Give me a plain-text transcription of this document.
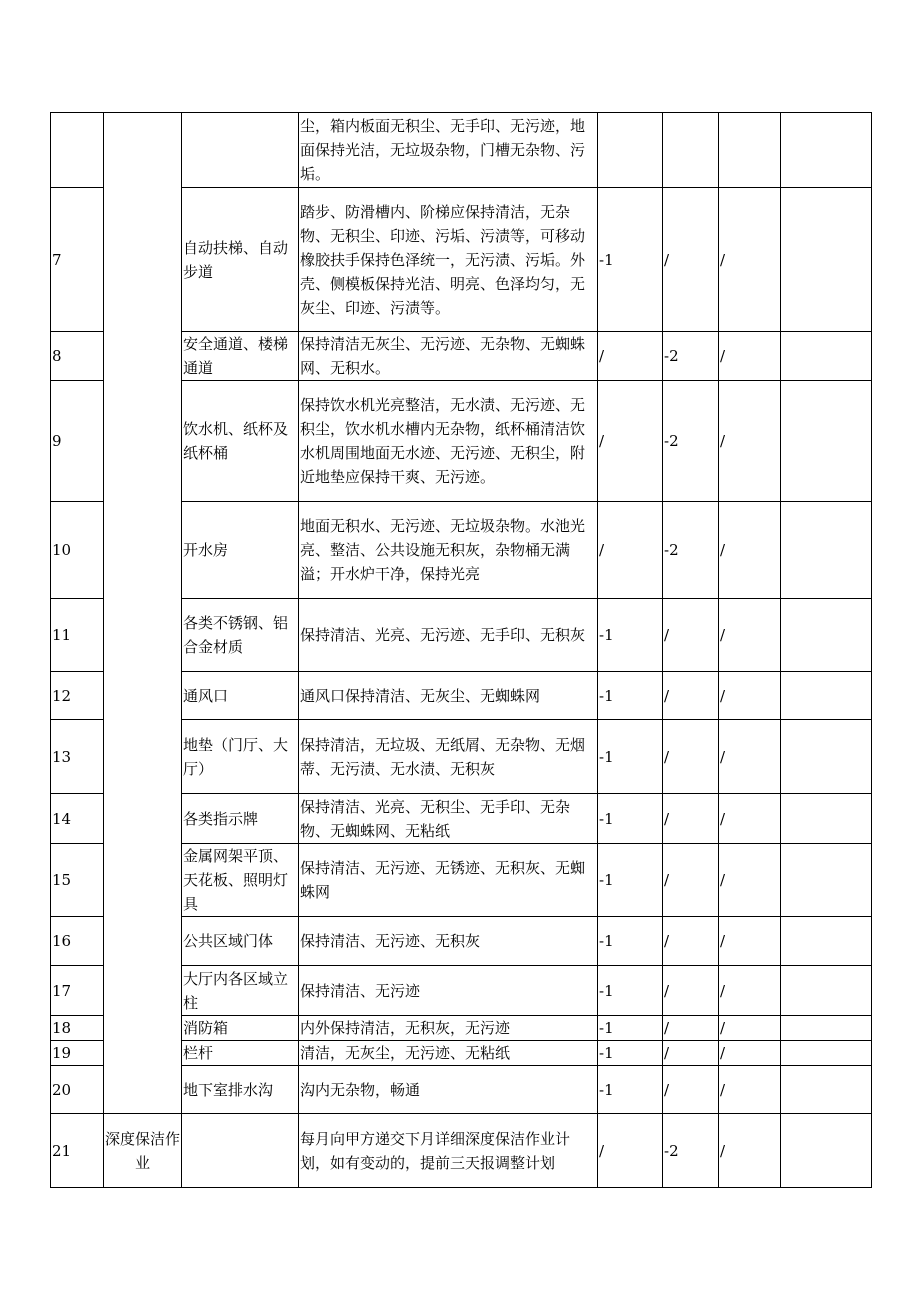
			尘，箱内板面无积尘、无手印、无污迹，地面保持光洁，无垃圾杂物，门槽无杂物、污垢。				
7		自动扶梯、自动步道	踏步、防滑槽内、阶梯应保持清洁，无杂物、无积尘、印迹、污垢、污渍等，可移动橡胶扶手保持色泽统一，无污渍、污垢。外壳、侧模板保持光洁、明亮、色泽均匀，无灰尘、印迹、污渍等。	-1	/	/	
8		安全通道、楼梯通道	保持清洁无灰尘、无污迹、无杂物、无蜘蛛网、无积水。	/	-2	/	
9		饮水机、纸杯及纸杯桶	保持饮水机光亮整洁，无水渍、无污迹、无积尘，饮水机水槽内无杂物，纸杯桶清洁饮水机周围地面无水迹、无污迹、无积尘，附近地垫应保持干爽、无污迹。	/	-2	/	
10		开水房	地面无积水、无污迹、无垃圾杂物。水池光亮、整洁、公共设施无积灰，杂物桶无满溢；开水炉干净，保持光亮	/	-2	/	
11		各类不锈钢、铝合金材质	保持清洁、光亮、无污迹、无手印、无积灰	-1	/	/	
12		通风口	通风口保持清洁、无灰尘、无蜘蛛网	-1	/	/	
13		地垫（门厅、大厅）	保持清洁，无垃圾、无纸屑、无杂物、无烟蒂、无污渍、无水渍、无积灰	-1	/	/	
14		各类指示牌	保持清洁、光亮、无积尘、无手印、无杂物、无蜘蛛网、无粘纸	-1	/	/	
15		金属网架平顶、天花板、照明灯具	保持清洁、无污迹、无锈迹、无积灰、无蜘蛛网	-1	/	/	
16		公共区域门体	保持清洁、无污迹、无积灰	-1	/	/	
17		大厅内各区域立柱	保持清洁、无污迹	-1	/	/	
18		消防箱	内外保持清洁，无积灰，无污迹	-1	/	/	
19		栏杆	清洁，无灰尘，无污迹、无粘纸	-1	/	/	
20		地下室排水沟	沟内无杂物，畅通	-1	/	/	
21	深度保洁作业		每月向甲方递交下月详细深度保洁作业计划，如有变动的，提前三天报调整计划	/	-2	/	
